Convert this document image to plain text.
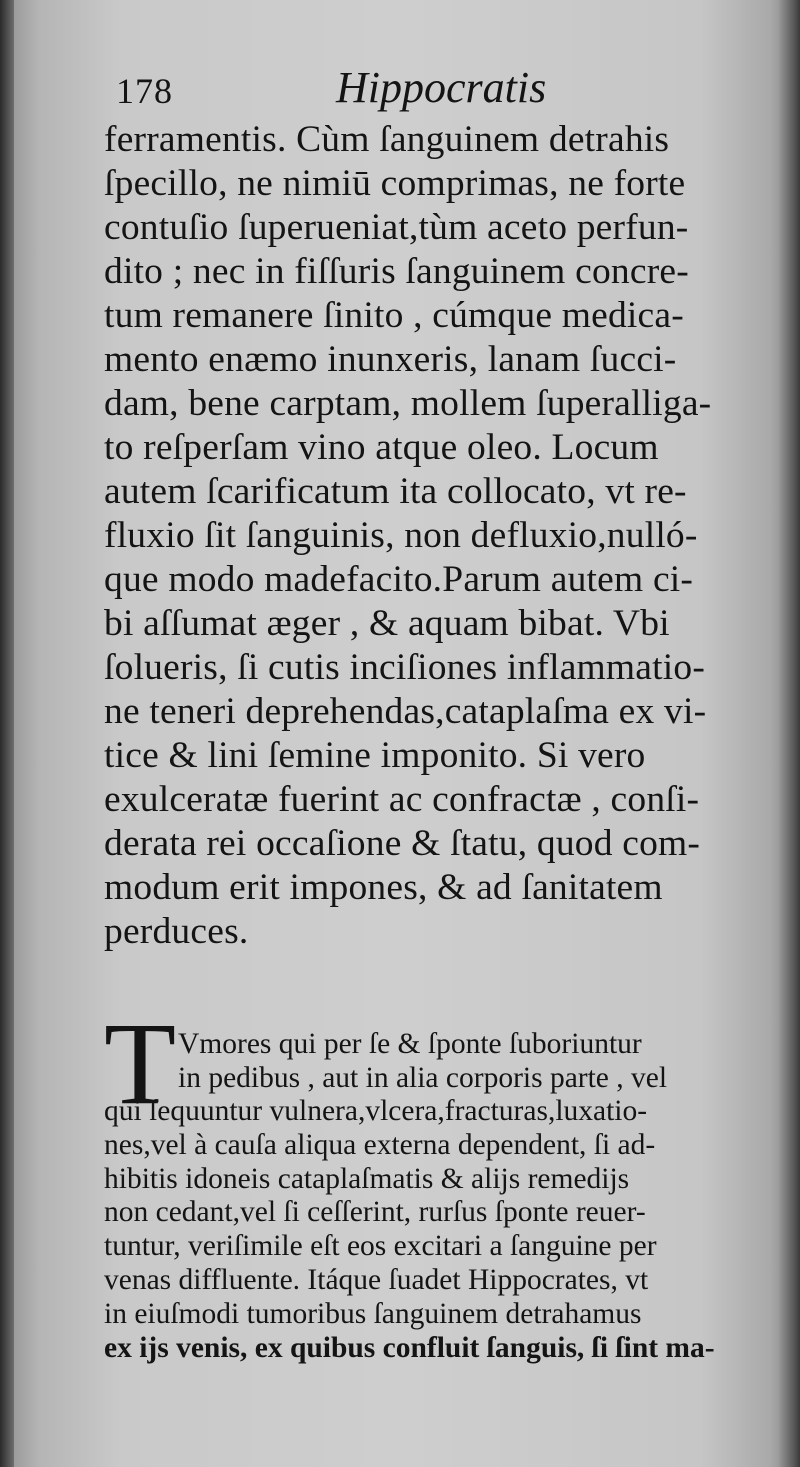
178	Hippocratis
ferramentis. Cùm ſanguinem detrahis
ſpecillo, ne nimiū comprimas, ne forte
contuſio ſuperueniat,tùm aceto perfun-
dito ; nec in fiſſuris ſanguinem concre-
tum remanere ſinito , cúmque medica-
mento enæmo inunxeris, lanam ſucci-
dam, bene carptam, mollem ſuperalliga-
to reſperſam vino atque oleo. Locum
autem ſcarificatum ita collocato, vt re-
fluxio ſit ſanguinis, non defluxio,nulló-
que modo madefacito.Parum autem ci-
bi aſſumat æger , & aquam bibat. Vbi
ſolueris, ſi cutis inciſiones inflammatio-
ne teneri deprehendas,cataplaſma ex vi-
tice & lini ſemine imponito. Si vero
exulceratæ fuerint ac confractæ , conſi-
derata rei occaſione & ſtatu, quod com-
modum erit impones, & ad ſanitatem
perduces.
T Vmores qui per ſe & ſponte ſuboriuntur
in pedibus , aut in alia corporis parte , vel
qui ſequuntur vulnera,vlcera,fracturas,luxatio-
nes,vel à cauſa aliqua externa dependent, ſi ad-
hibitis idoneis cataplaſmatis & alijs remedijs
non cedant,vel ſi ceſſerint, rurſus ſponte reuer-
tuntur, veriſimile eſt eos excitari a ſanguine per
venas diffluente. Itáque ſuadet Hippocrates, vt
in eiuſmodi tumoribus ſanguinem detrahamus
ex ijs venis, ex quibus confluit ſanguis, ſi ſint ma-
